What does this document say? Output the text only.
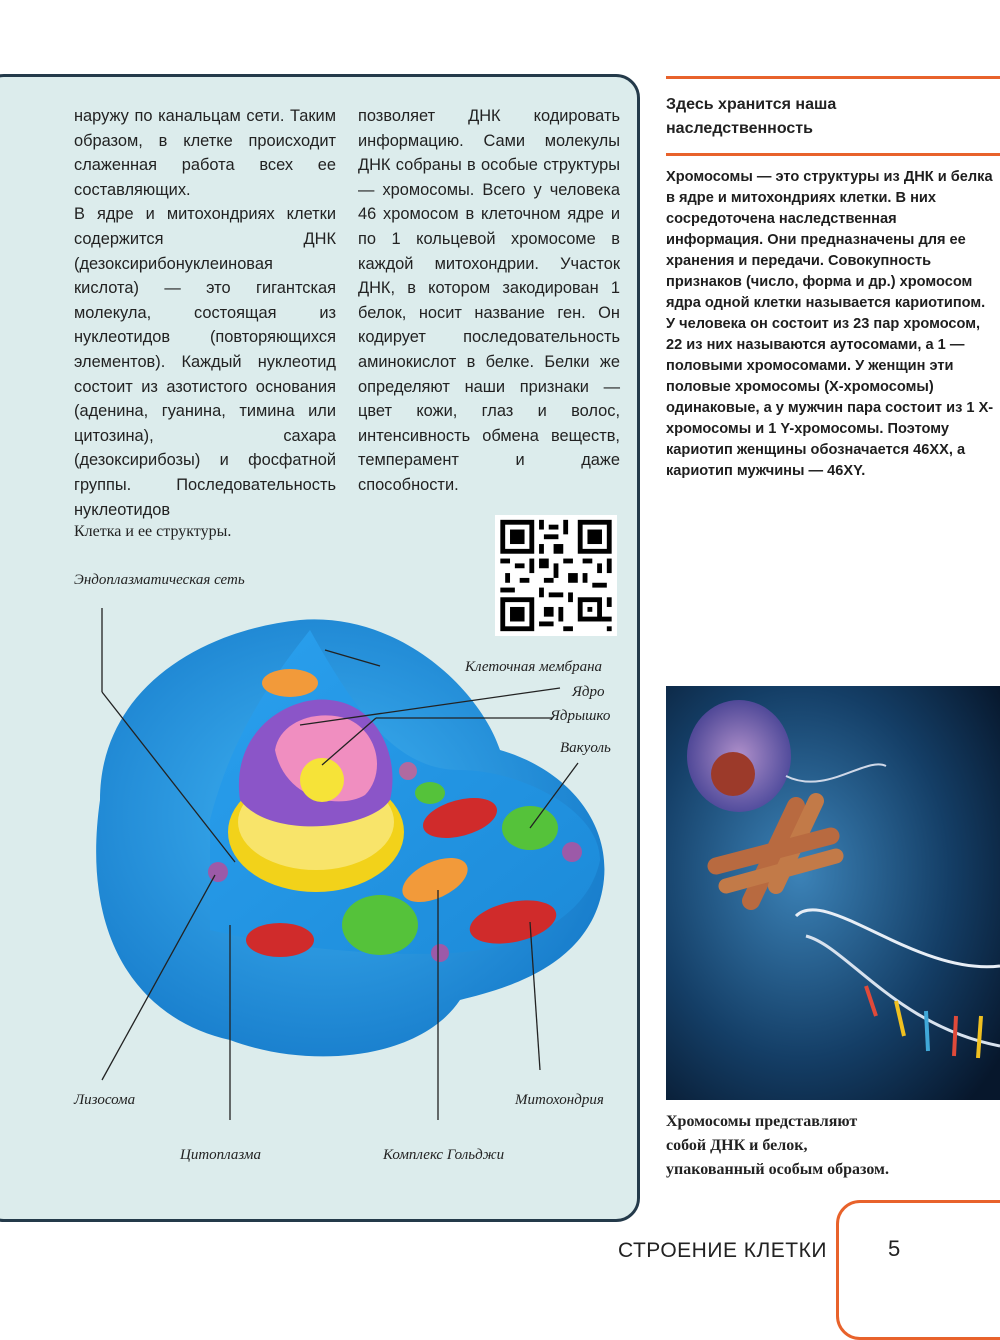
наружу по канальцам сети. Таким образом, в клетке происходит слаженная работа всех ее составляющих.

В ядре и митохондриях клетки содержится ДНК (дезоксирибонуклеиновая кислота) — это гигантская молекула, состоящая из нуклеотидов (повторяющихся элементов). Каждый нуклеотид состоит из азотистого основания (аденина, гуанина, тимина или цитозина), сахара (дезоксирибозы) и фосфатной группы. Последовательность нуклеотидов

позволяет ДНК кодировать информацию. Сами молекулы ДНК собраны в особые структуры — хромосомы. Всего у человека 46 хромосом в клеточном ядре и по 1 кольцевой хромосоме в каждой митохондрии. Участок ДНК, в котором закодирован 1 белок, носит название ген. Он кодирует последовательность аминокислот в белке. Белки же определяют наши признаки — цвет кожи, глаз и волос, интенсивность обмена веществ, темперамент и даже способности.

Клетка и ее структуры.
Эндоплазматическая сеть
Клеточная мембрана
Ядро
Ядрышко
Вакуоль
Лизосома	Митохондрия
Цитоплазма	Комплекс Гольджи
Здесь хранится наша наследственность
Хромосомы — это структуры из ДНК и белка в ядре и митохондриях клетки. В них сосредоточена наследственная информация. Они предназначены для ее хранения и передачи. Совокупность признаков (число, форма и др.) хромосом ядра одной клетки называется кариотипом. У человека он состоит из 23 пар хромосом, 22 из них называются аутосомами, а 1 — половыми хромосомами. У женщин эти половые хромосомы (Х-хромосомы) одинаковые, а у мужчин пара состоит из 1 Х-хромосомы и 1 Y-хромосомы. Поэтому кариотип женщины обозначается 46XX, а кариотип мужчины — 46XY.
Хромосомы представляют собой ДНК и белок, упакованный особым образом.
СТРОЕНИЕ КЛЕТКИ	5
